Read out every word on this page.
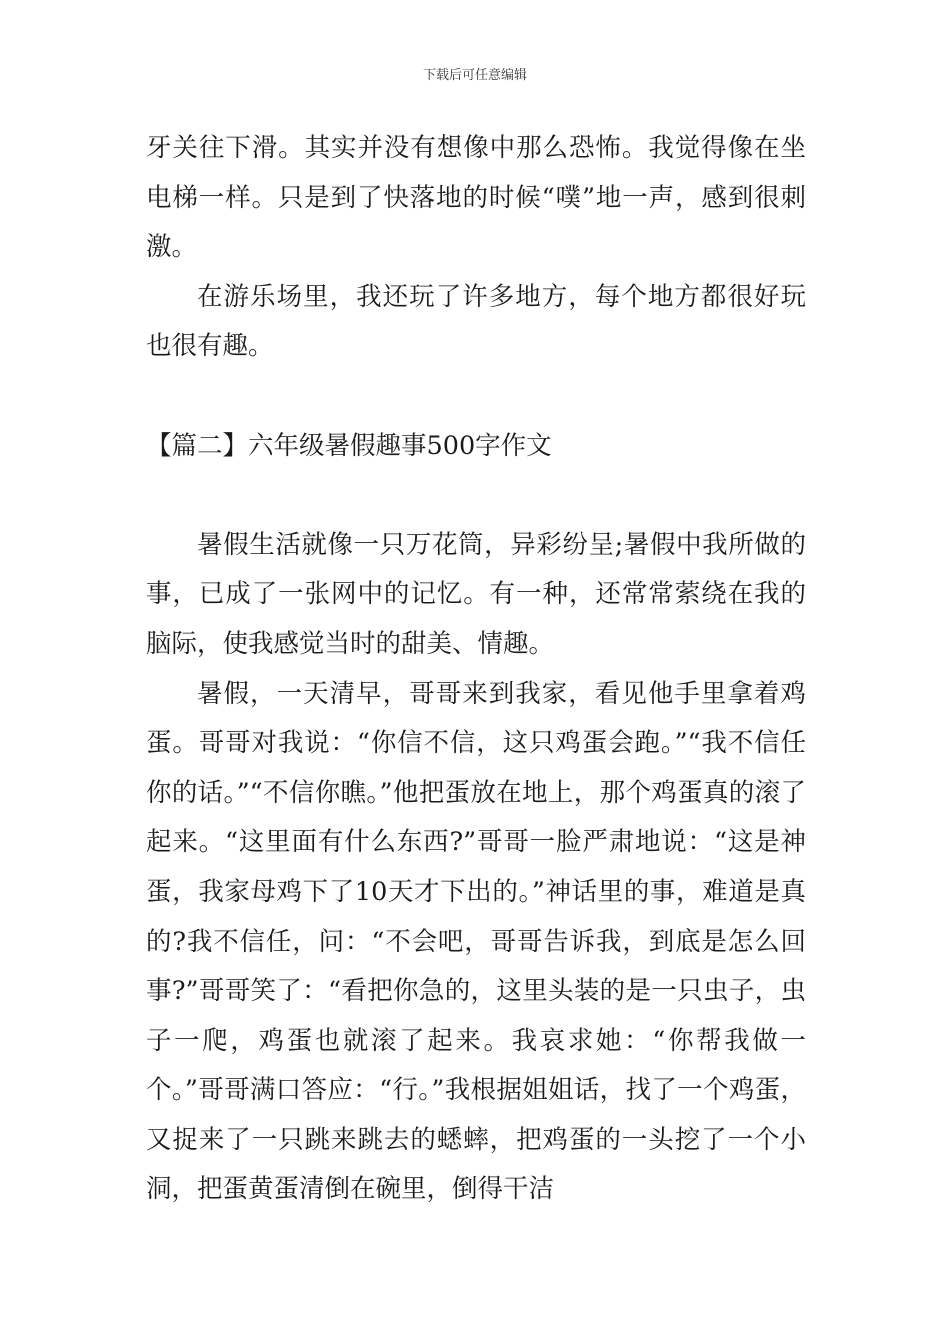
下载后可任意编辑

牙关往下滑。其实并没有想像中那么恐怖。我觉得像在坐电梯一样。只是到了快落地的时候“噗”地一声，感到很刺激。

在游乐场里，我还玩了许多地方，每个地方都很好玩也很有趣。

【篇二】六年级暑假趣事500字作文

暑假生活就像一只万花筒，异彩纷呈;暑假中我所做的事，已成了一张网中的记忆。有一种，还常常萦绕在我的脑际，使我感觉当时的甜美、情趣。

暑假，一天清早，哥哥来到我家，看见他手里拿着鸡蛋。哥哥对我说：“你信不信，这只鸡蛋会跑。”“我不信任你的话。”“不信你瞧。”他把蛋放在地上，那个鸡蛋真的滚了起来。“这里面有什么东西?”哥哥一脸严肃地说：“这是神蛋，我家母鸡下了10天才下出的。”神话里的事，难道是真的?我不信任，问：“不会吧，哥哥告诉我，到底是怎么回事?”哥哥笑了：“看把你急的，这里头装的是一只虫子，虫子一爬，鸡蛋也就滚了起来。我哀求她：“你帮我做一个。”哥哥满口答应：“行。”我根据姐姐话，找了一个鸡蛋，又捉来了一只跳来跳去的蟋蟀，把鸡蛋的一头挖了一个小洞，把蛋黄蛋清倒在碗里，倒得干洁
